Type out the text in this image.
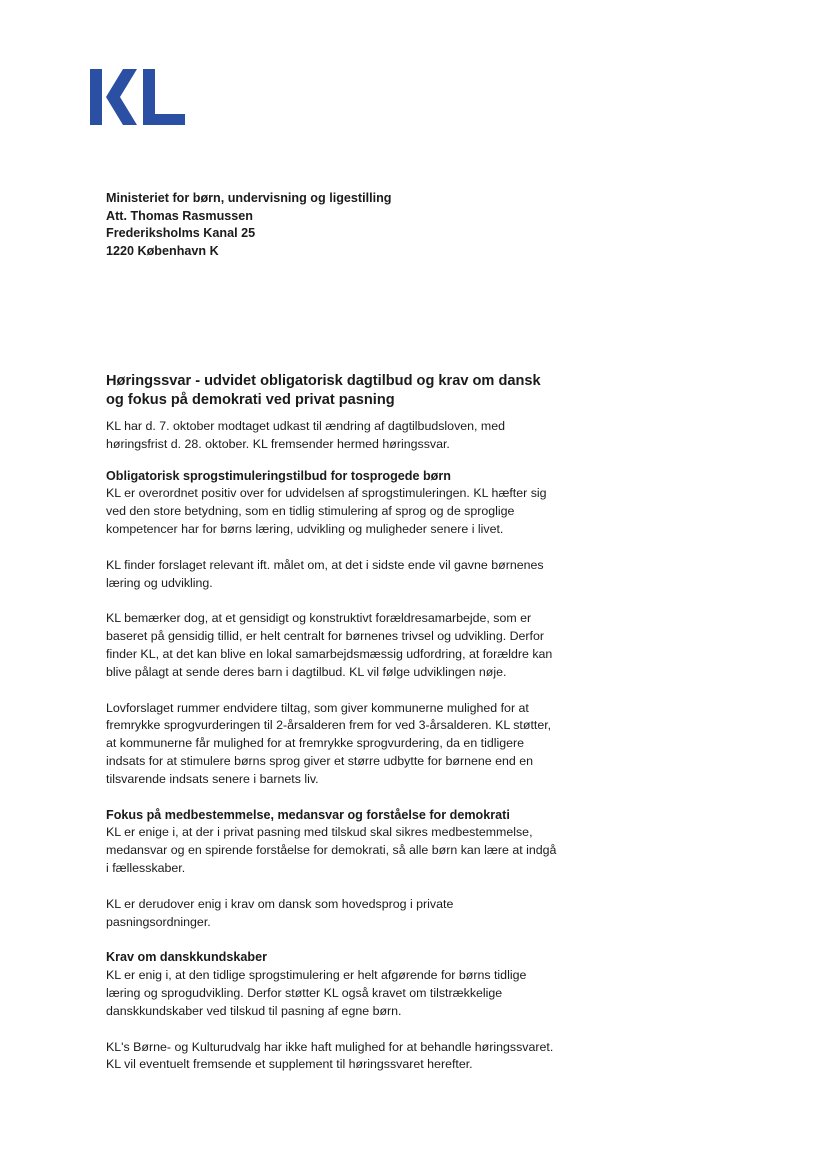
Ministeriet for børn, undervisning og ligestilling
Att. Thomas Rasmussen
Frederiksholms Kanal 25
1220 København K
Høringssvar - udvidet obligatorisk dagtilbud og krav om dansk og fokus på demokrati ved privat pasning

KL har d. 7. oktober modtaget udkast til ændring af dagtilbudsloven, med høringsfrist d. 28. oktober. KL fremsender hermed høringssvar.

Obligatorisk sprogstimuleringstilbud for tosprogede børn

KL er overordnet positiv over for udvidelsen af sprogstimuleringen. KL hæfter sig ved den store betydning, som en tidlig stimulering af sprog og de sproglige kompetencer har for børns læring, udvikling og muligheder senere i livet.

KL finder forslaget relevant ift. målet om, at det i sidste ende vil gavne børnenes læring og udvikling.

KL bemærker dog, at et gensidigt og konstruktivt forældresamarbejde, som er baseret på gensidig tillid, er helt centralt for børnenes trivsel og udvikling. Derfor finder KL, at det kan blive en lokal samarbejdsmæssig udfordring, at forældre kan blive pålagt at sende deres barn i dagtilbud. KL vil følge udviklingen nøje.

Lovforslaget rummer endvidere tiltag, som giver kommunerne mulighed for at fremrykke sprogvurderingen til 2-årsalderen frem for ved 3-årsalderen. KL støtter, at kommunerne får mulighed for at fremrykke sprogvurdering, da en tidligere indsats for at stimulere børns sprog giver et større udbytte for børnene end en tilsvarende indsats senere i barnets liv.

Fokus på medbestemmelse, medansvar og forståelse for demokrati

KL er enige i, at der i privat pasning med tilskud skal sikres medbestemmelse, medansvar og en spirende forståelse for demokrati, så alle børn kan lære at indgå i fællesskaber.

KL er derudover enig i krav om dansk som hovedsprog i private pasningsordninger.

Krav om danskkundskaber

KL er enig i, at den tidlige sprogstimulering er helt afgørende for børns tidlige læring og sprogudvikling. Derfor støtter KL også kravet om tilstrækkelige danskkundskaber ved tilskud til pasning af egne børn.

KL's Børne- og Kulturudvalg har ikke haft mulighed for at behandle høringssvaret. KL vil eventuelt fremsende et supplement til høringssvaret herefter.
